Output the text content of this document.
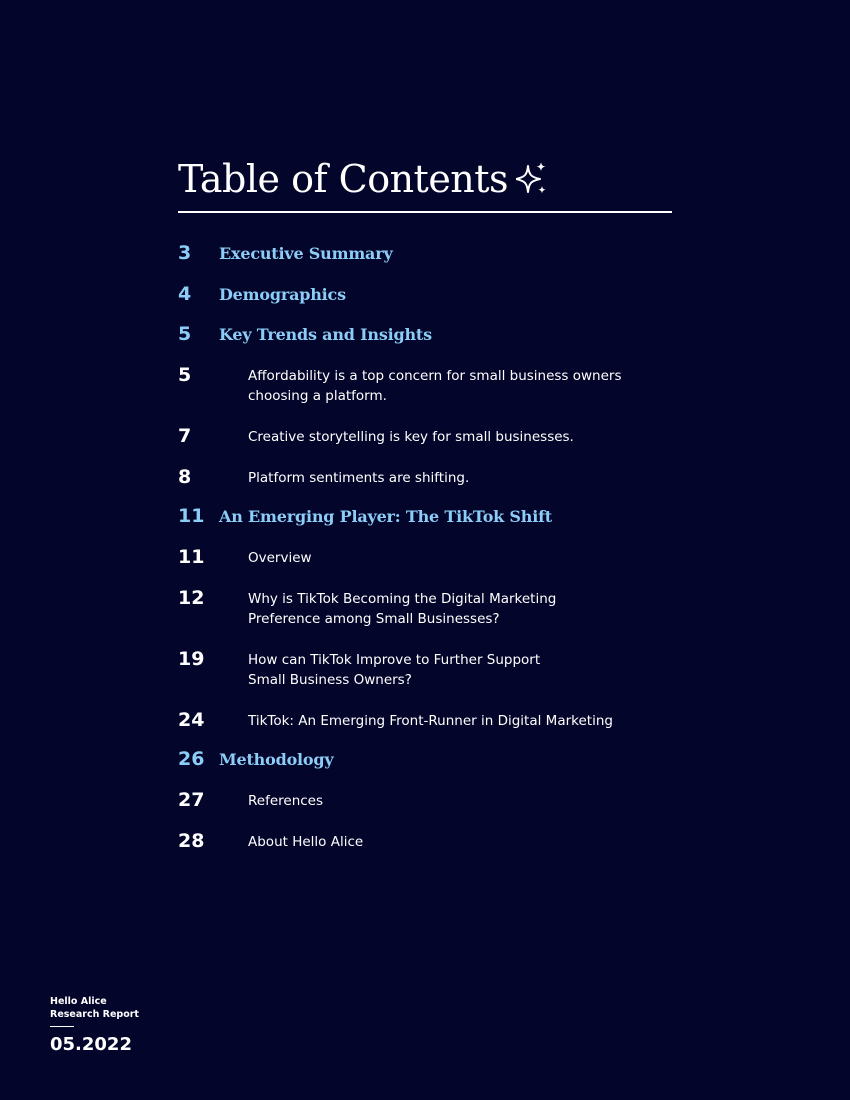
Table of Contents
3 Executive Summary
4 Demographics
5 Key Trends and Insights
5	Affordability is a top concern for small business owners
choosing a platform.
7	Creative storytelling is key for small businesses.
8	Platform sentiments are shifting.
11 An Emerging Player: The TikTok Shift
11	Overview
12	Why is TikTok Becoming the Digital Marketing
Preference among Small Businesses?
19	How can TikTok Improve to Further Support
Small Business Owners?
24	TikTok: An Emerging Front-Runner in Digital Marketing
26 Methodology
27	References
28	About Hello Alice
Hello Alice
Research Report
05.2022
